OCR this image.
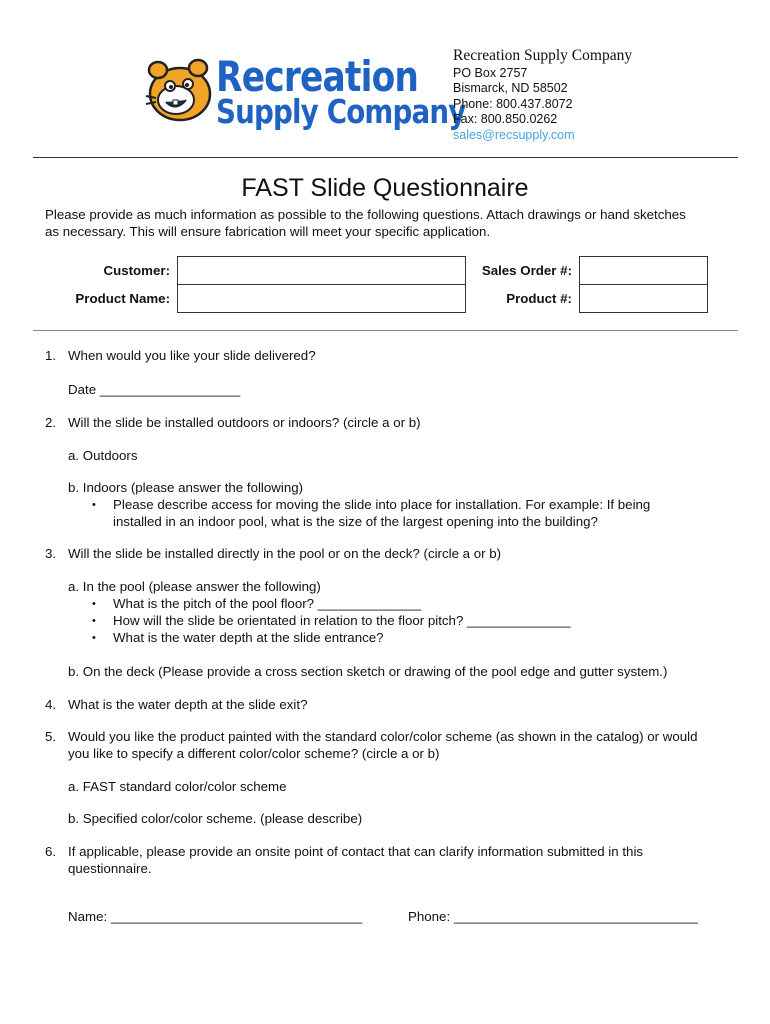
Recreation
Supply Company
Recreation Supply Company
PO Box 2757
Bismarck, ND 58502
Phone: 800.437.8072
Fax: 800.850.0262
sales@recsupply.com
FAST Slide Questionnaire
Please provide as much information as possible to the following questions. Attach drawings or hand sketches
as necessary. This will ensure fabrication will meet your specific application.
Customer:	Sales Order #:
Product Name:	Product #:
1. When would you like your slide delivered?
Date ___________________
2. Will the slide be installed outdoors or indoors? (circle a or b)
a. Outdoors
b. Indoors (please answer the following)
• Please describe access for moving the slide into place for installation. For example: If being
installed in an indoor pool, what is the size of the largest opening into the building?
3. Will the slide be installed directly in the pool or on the deck? (circle a or b)
a. In the pool (please answer the following)
• What is the pitch of the pool floor? ______________
• How will the slide be orientated in relation to the floor pitch? ______________
• What is the water depth at the slide entrance?
b. On the deck (Please provide a cross section sketch or drawing of the pool edge and gutter system.)
4. What is the water depth at the slide exit?
5. Would you like the product painted with the standard color/color scheme (as shown in the catalog) or would
you like to specify a different color/color scheme? (circle a or b)
a. FAST standard color/color scheme
b. Specified color/color scheme. (please describe)
6. If applicable, please provide an onsite point of contact that can clarify information submitted in this
questionnaire.
Name: __________________________________	Phone: _________________________________
